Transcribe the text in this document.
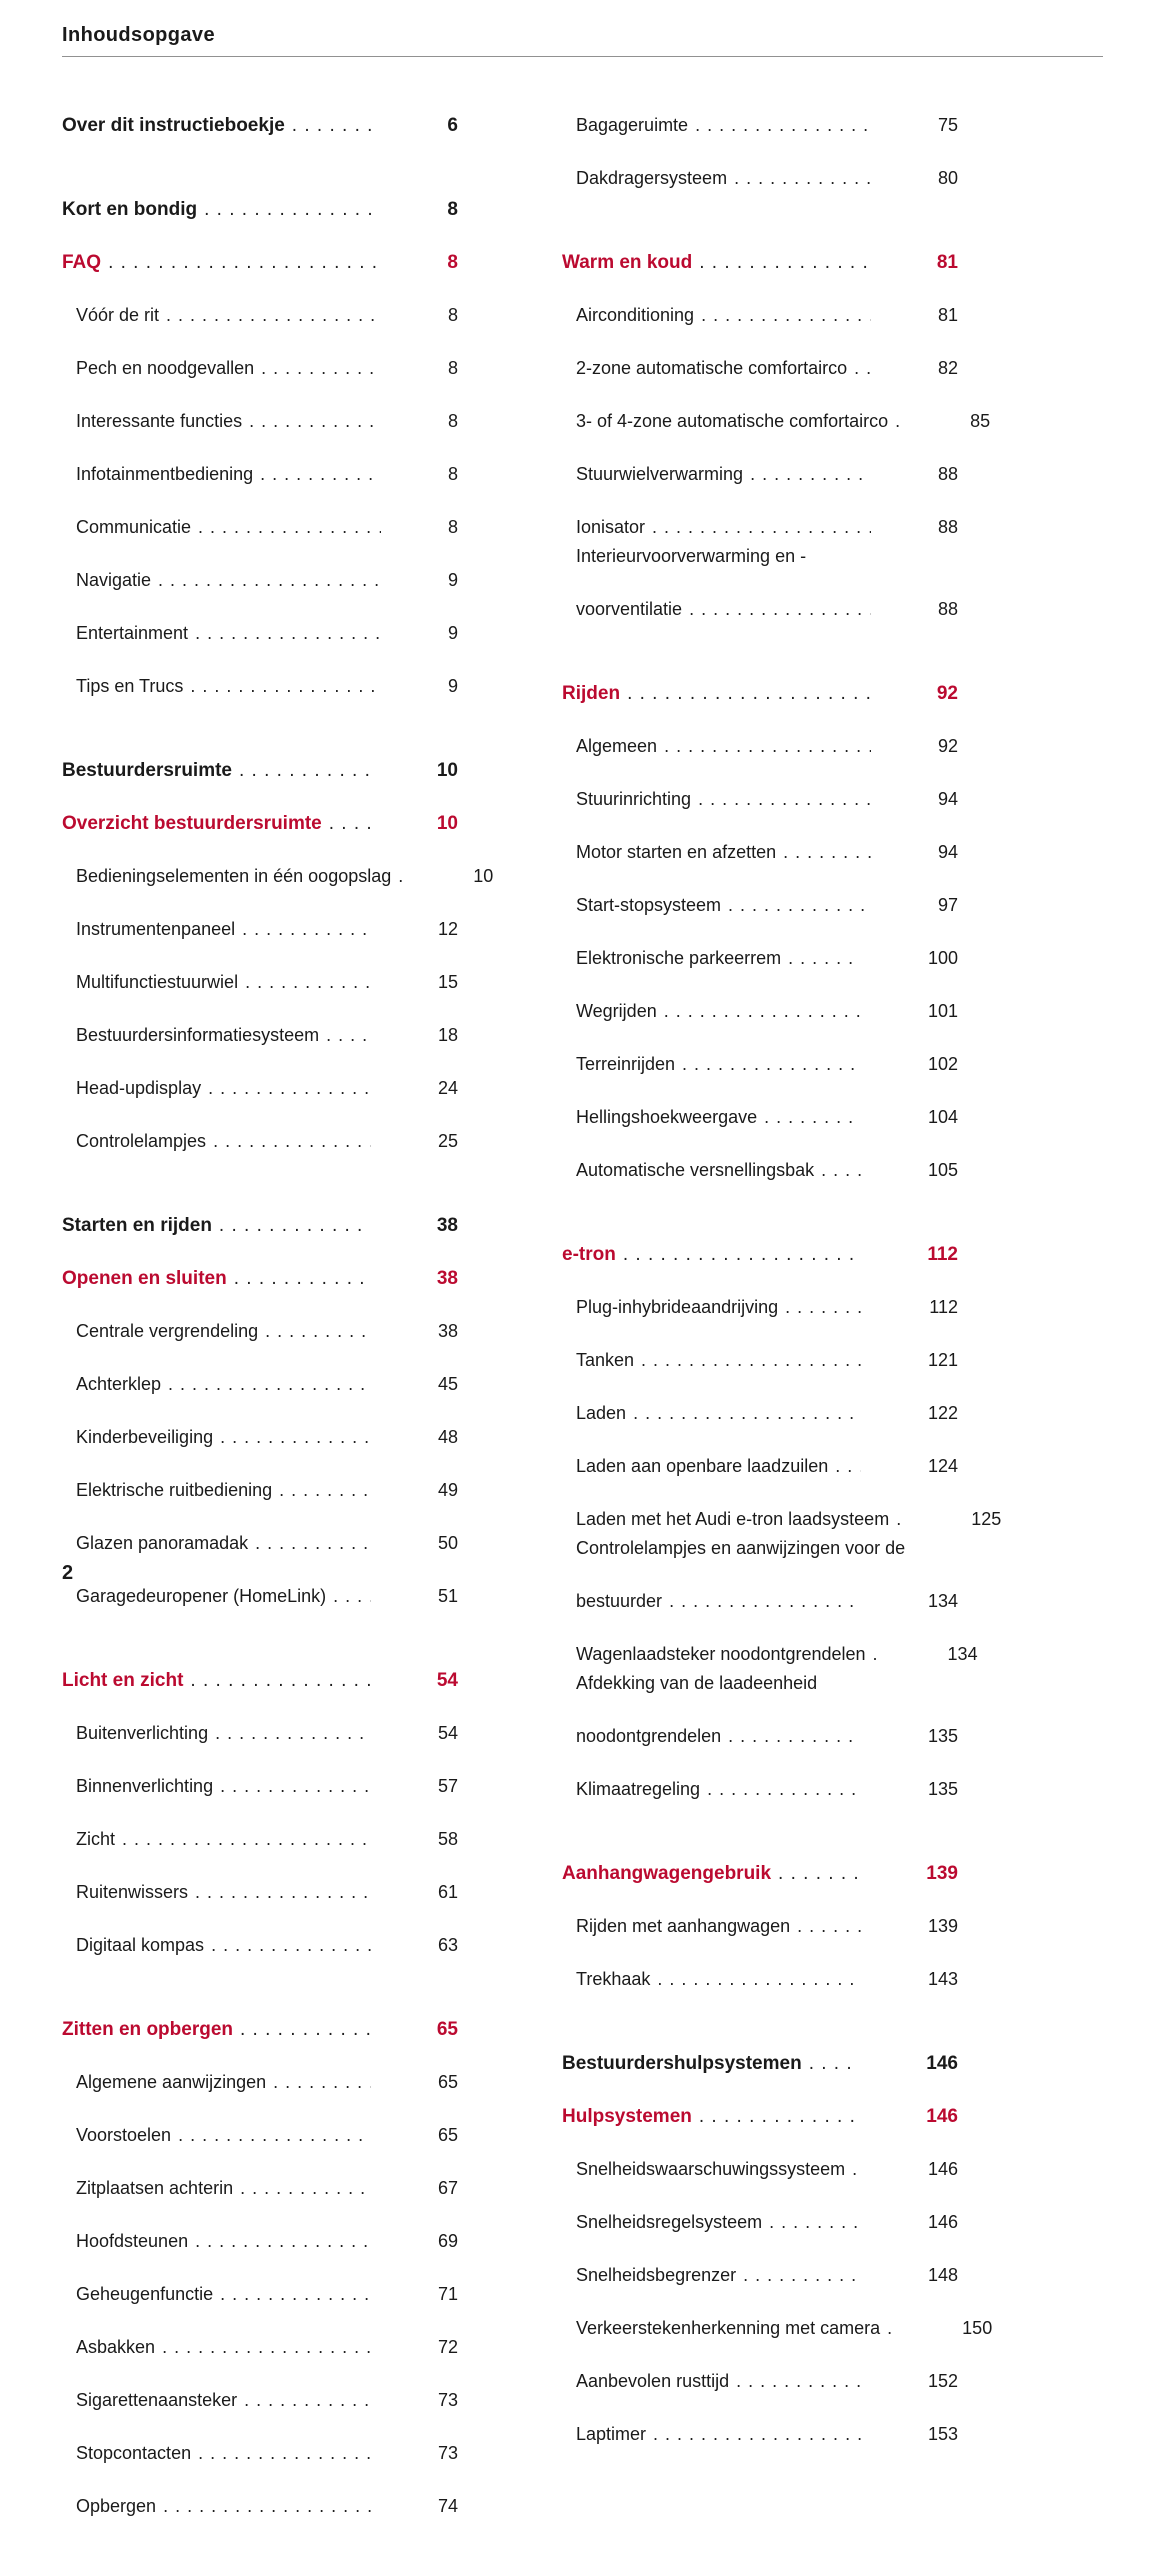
Inhoudsopgave
Over dit instructieboekje . . .	6
Kort en bondig . . .	8
FAQ . . .	8
Vóór de rit . . .	8
Pech en noodgevallen . . .	8
Interessante functies . . .	8
Infotainmentbediening . . .	8
Communicatie . . .	8
Navigatie . . .	9
Entertainment . . .	9
Tips en Trucs . . .	9
Bestuurdersruimte . . .	10
Overzicht bestuurdersruimte . . .	10
Bedieningselementen in één oogopslag . . .	10
Instrumentenpaneel . . .	12
Multifunctiestuurwiel . . .	15
Bestuurdersinformatiesysteem . . .	18
Head-updisplay . . .	24
Controlelampjes . . .	25
Starten en rijden . . .	38
Openen en sluiten . . .	38
Centrale vergrendeling . . .	38
Achterklep . . .	45
Kinderbeveiliging . . .	48
Elektrische ruitbediening . . .	49
Glazen panoramadak . . .	50
Garagedeuropener (HomeLink) . . .	51
Licht en zicht . . .	54
Buitenverlichting . . .	54
Binnenverlichting . . .	57
Zicht . . .	58
Ruitenwissers . . .	61
Digitaal kompas . . .	63
Zitten en opbergen . . .	65
Algemene aanwijzingen . . .	65
Voorstoelen . . .	65
Zitplaatsen achterin . . .	67
Hoofdsteunen . . .	69
Geheugenfunctie . . .	71
Asbakken . . .	72
Sigarettenaansteker . . .	73
Stopcontacten . . .	73
Opbergen . . .	74
Bagageruimte . . .	75
Dakdragersysteem . . .	80
Warm en koud . . .	81
Airconditioning . . .	81
2-zone automatische comfortairco . . .	82
3- of 4-zone automatische comfortairco . . .	85
Stuurwielverwarming . . .	88
Ionisator . . .	88
Interieurvoorverwarming en -
voorventilatie . . .	88
Rijden . . .	92
Algemeen . . .	92
Stuurinrichting . . .	94
Motor starten en afzetten . . .	94
Start-stopsysteem . . .	97
Elektronische parkeerrem . . .	100
Wegrijden . . .	101
Terreinrijden . . .	102
Hellingshoekweergave . . .	104
Automatische versnellingsbak . . .	105
e-tron . . .	112
Plug-inhybrideaandrijving . . .	112
Tanken . . .	121
Laden . . .	122
Laden aan openbare laadzuilen . . .	124
Laden met het Audi e-tron laadsysteem . . .	125
Controlelampjes en aanwijzingen voor de
bestuurder . . .	134
Wagenlaadsteker noodontgrendelen . . .	134
Afdekking van de laadeenheid
noodontgrendelen . . .	135
Klimaatregeling . . .	135
Aanhangwagengebruik . . .	139
Rijden met aanhangwagen . . .	139
Trekhaak . . .	143
Bestuurdershulpsystemen . . .	146
Hulpsystemen . . .	146
Snelheidswaarschuwingssysteem . . .	146
Snelheidsregelsysteem . . .	146
Snelheidsbegrenzer . . .	148
Verkeerstekenherkenning met camera . . .	150
Aanbevolen rusttijd . . .	152
Laptimer . . .	153
2
